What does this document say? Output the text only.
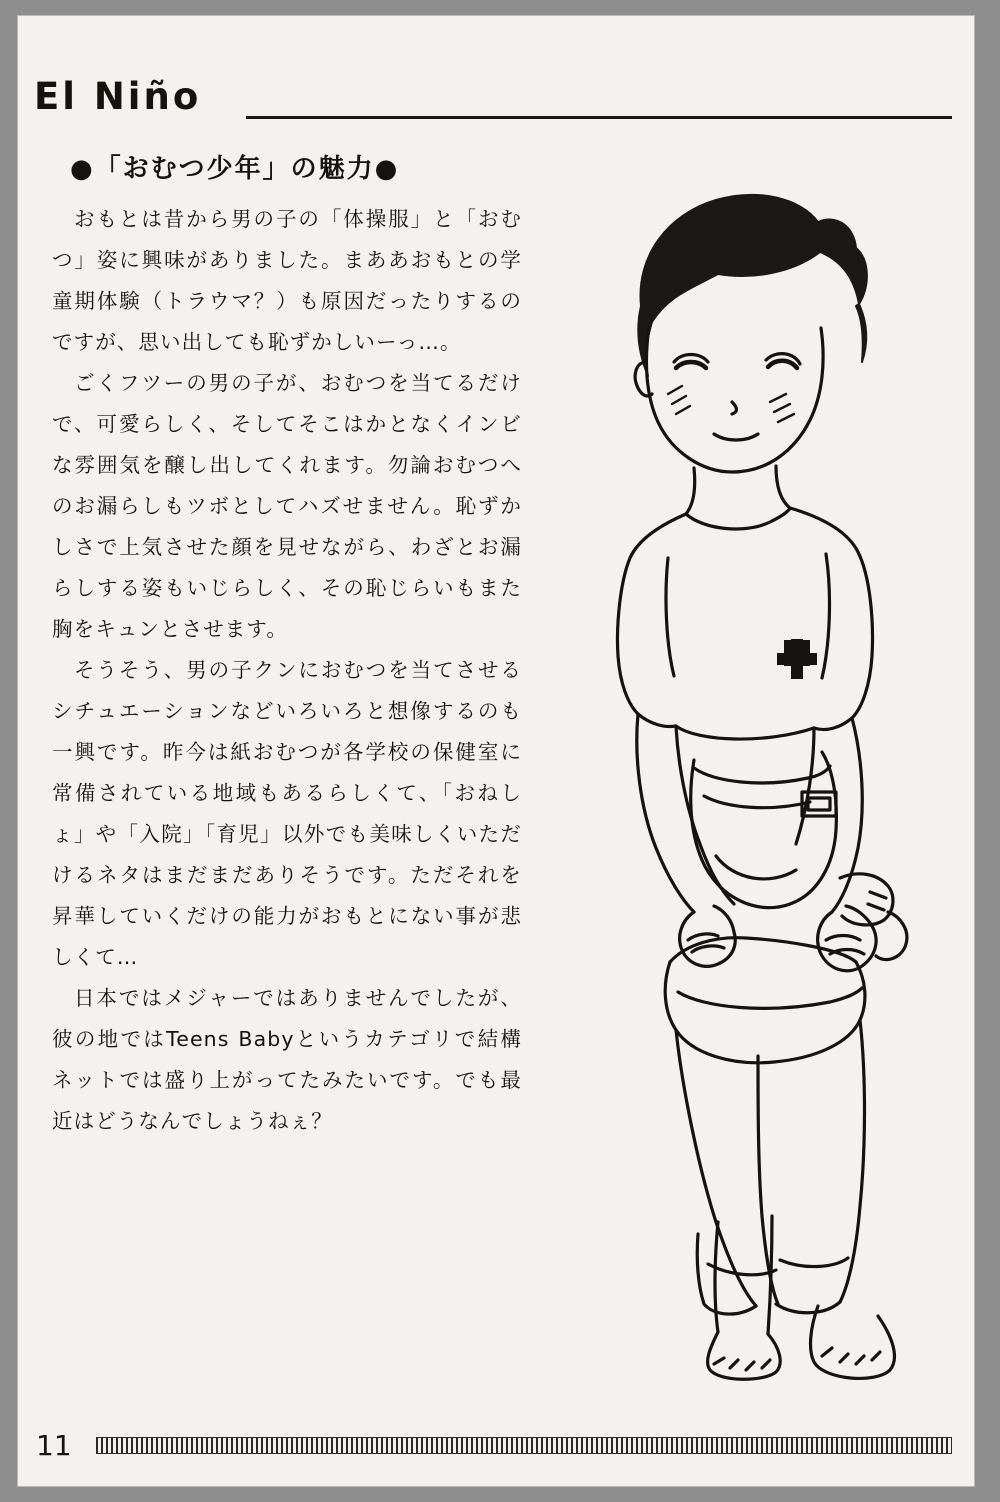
El Niño
●「おむつ少年」の魅力●

おもとは昔から男の子の「体操服」と「おむつ」姿に興味がありました。まああおもとの学童期体験（トラウマ？）も原因だったりするのですが、思い出しても恥ずかしいーっ…。

ごくフツーの男の子が、おむつを当てるだけで、可愛らしく、そしてそこはかとなくインビな雰囲気を醸し出してくれます。勿論おむつへのお漏らしもツボとしてハズせません。恥ずかしさで上気させた顔を見せながら、わざとお漏らしする姿もいじらしく、その恥じらいもまた胸をキュンとさせます。

そうそう、男の子クンにおむつを当てさせるシチュエーションなどいろいろと想像するのも一興です。昨今は紙おむつが各学校の保健室に常備されている地域もあるらしくて、「おねしょ」や「入院」「育児」以外でも美味しくいただけるネタはまだまだありそうです。ただそれを昇華していくだけの能力がおもとにない事が悲しくて…

日本ではメジャーではありませんでしたが、彼の地ではTeens Babyというカテゴリで結構ネットでは盛り上がってたみたいです。でも最近はどうなんでしょうねぇ？

11
